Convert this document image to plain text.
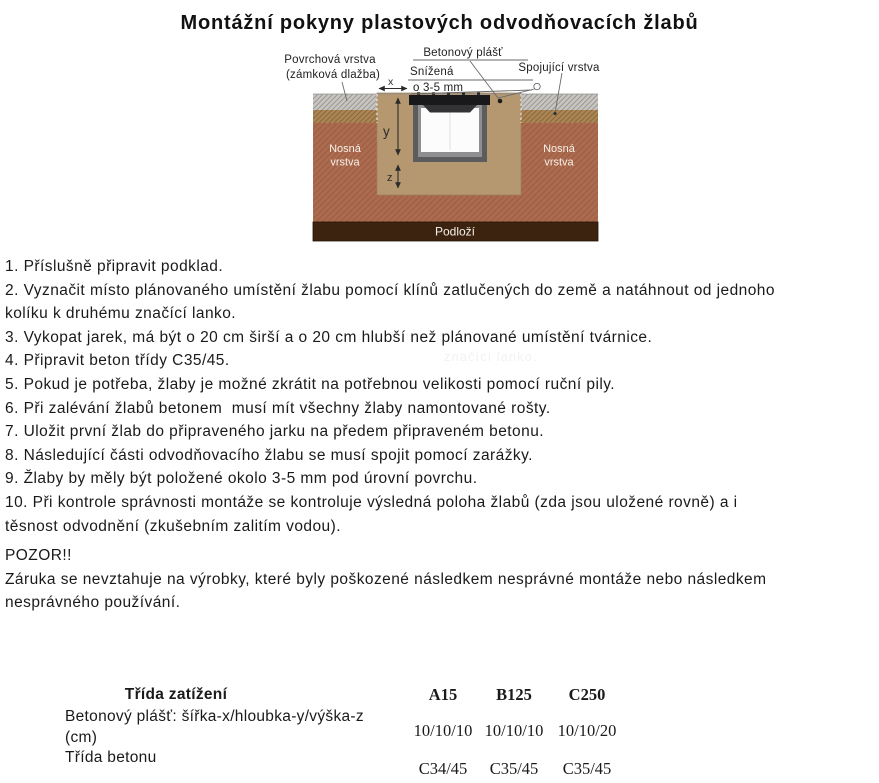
Montážní pokyny plastových odvodňovacích žlabů
x
y
z
Povrchová vrstva
(zámková dlažba)
Betonový plášť
Snížená
o 3-5 mm
Spojující vrstva
Nosná
vrstva
Nosná
vrstva
Podloží
1. Příslušně připravit podklad.
2. Vyznačit místo plánovaného umístění žlabu pomocí klínů zatlučených do země a natáhnout od jednoho
kolíku k druhému značící lanko.
3. Vykopat jarek, má být o 20 cm širší a o 20 cm hlubší než plánované umístění tvárnice.
4. Připravit beton třídy C35/45.
5. Pokud je potřeba, žlaby je možné zkrátit na potřebnou velikosti pomocí ruční pily.
6. Při zalévání žlabů betonem  musí mít všechny žlaby namontované rošty.
7. Uložit první žlab do připraveného jarku na předem připraveném betonu.
8. Následující části odvodňovacího žlabu se musí spojit pomocí zarážky.
9. Žlaby by měly být položené okolo 3-5 mm pod úrovní povrchu.
10. Při kontrole správnosti montáže se kontroluje výsledná poloha žlabů (zda jsou uložené rovně) a i
těsnost odvodnění (zkušebním zalitím vodou).
značící lanko.
POZOR!!
Záruka se nevztahuje na výrobky, které byly poškozené následkem nesprávné montáže nebo následkem
nesprávného používání.
Třída zatížení	A15	B125	C250
Betonový plášť: šířka-x/hloubka-y/výška-z
(cm)	10/10/10 10/10/10 10/10/20
Třída betonu
C34/45	C35/45	C35/45
